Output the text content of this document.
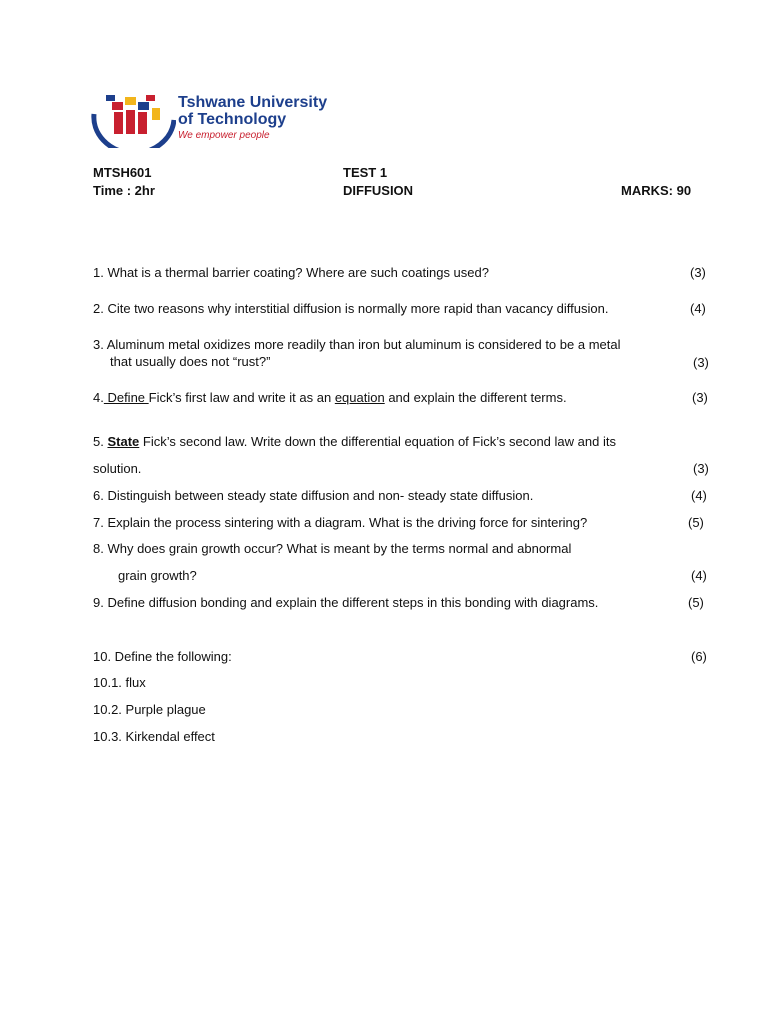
Tshwane University
of Technology
We empower people
MTSH601	TEST 1
Time : 2hr	DIFFUSION	MARKS: 90
1. What is a thermal barrier coating? Where are such coatings used?	(3)
2. Cite two reasons why interstitial diffusion is normally more rapid than vacancy diffusion.	(4)
3. Aluminum metal oxidizes more readily than iron but aluminum is considered to be a metal
that usually does not “rust?”	(3)
4. Define Fick’s first law and write it as an equation and explain the different terms.	(3)
5. State Fick’s second law. Write down the differential equation of Fick’s second law and its
solution.	(3)
6. Distinguish between steady state diffusion and non- steady state diffusion.	(4)
7. Explain the process sintering with a diagram. What is the driving force for sintering?	(5)
8. Why does grain growth occur? What is meant by the terms normal and abnormal
grain growth?	(4)
9. Define diffusion bonding and explain the different steps in this bonding with diagrams.	(5)
10. Define the following:	(6)
10.1. flux
10.2. Purple plague
10.3. Kirkendal effect
